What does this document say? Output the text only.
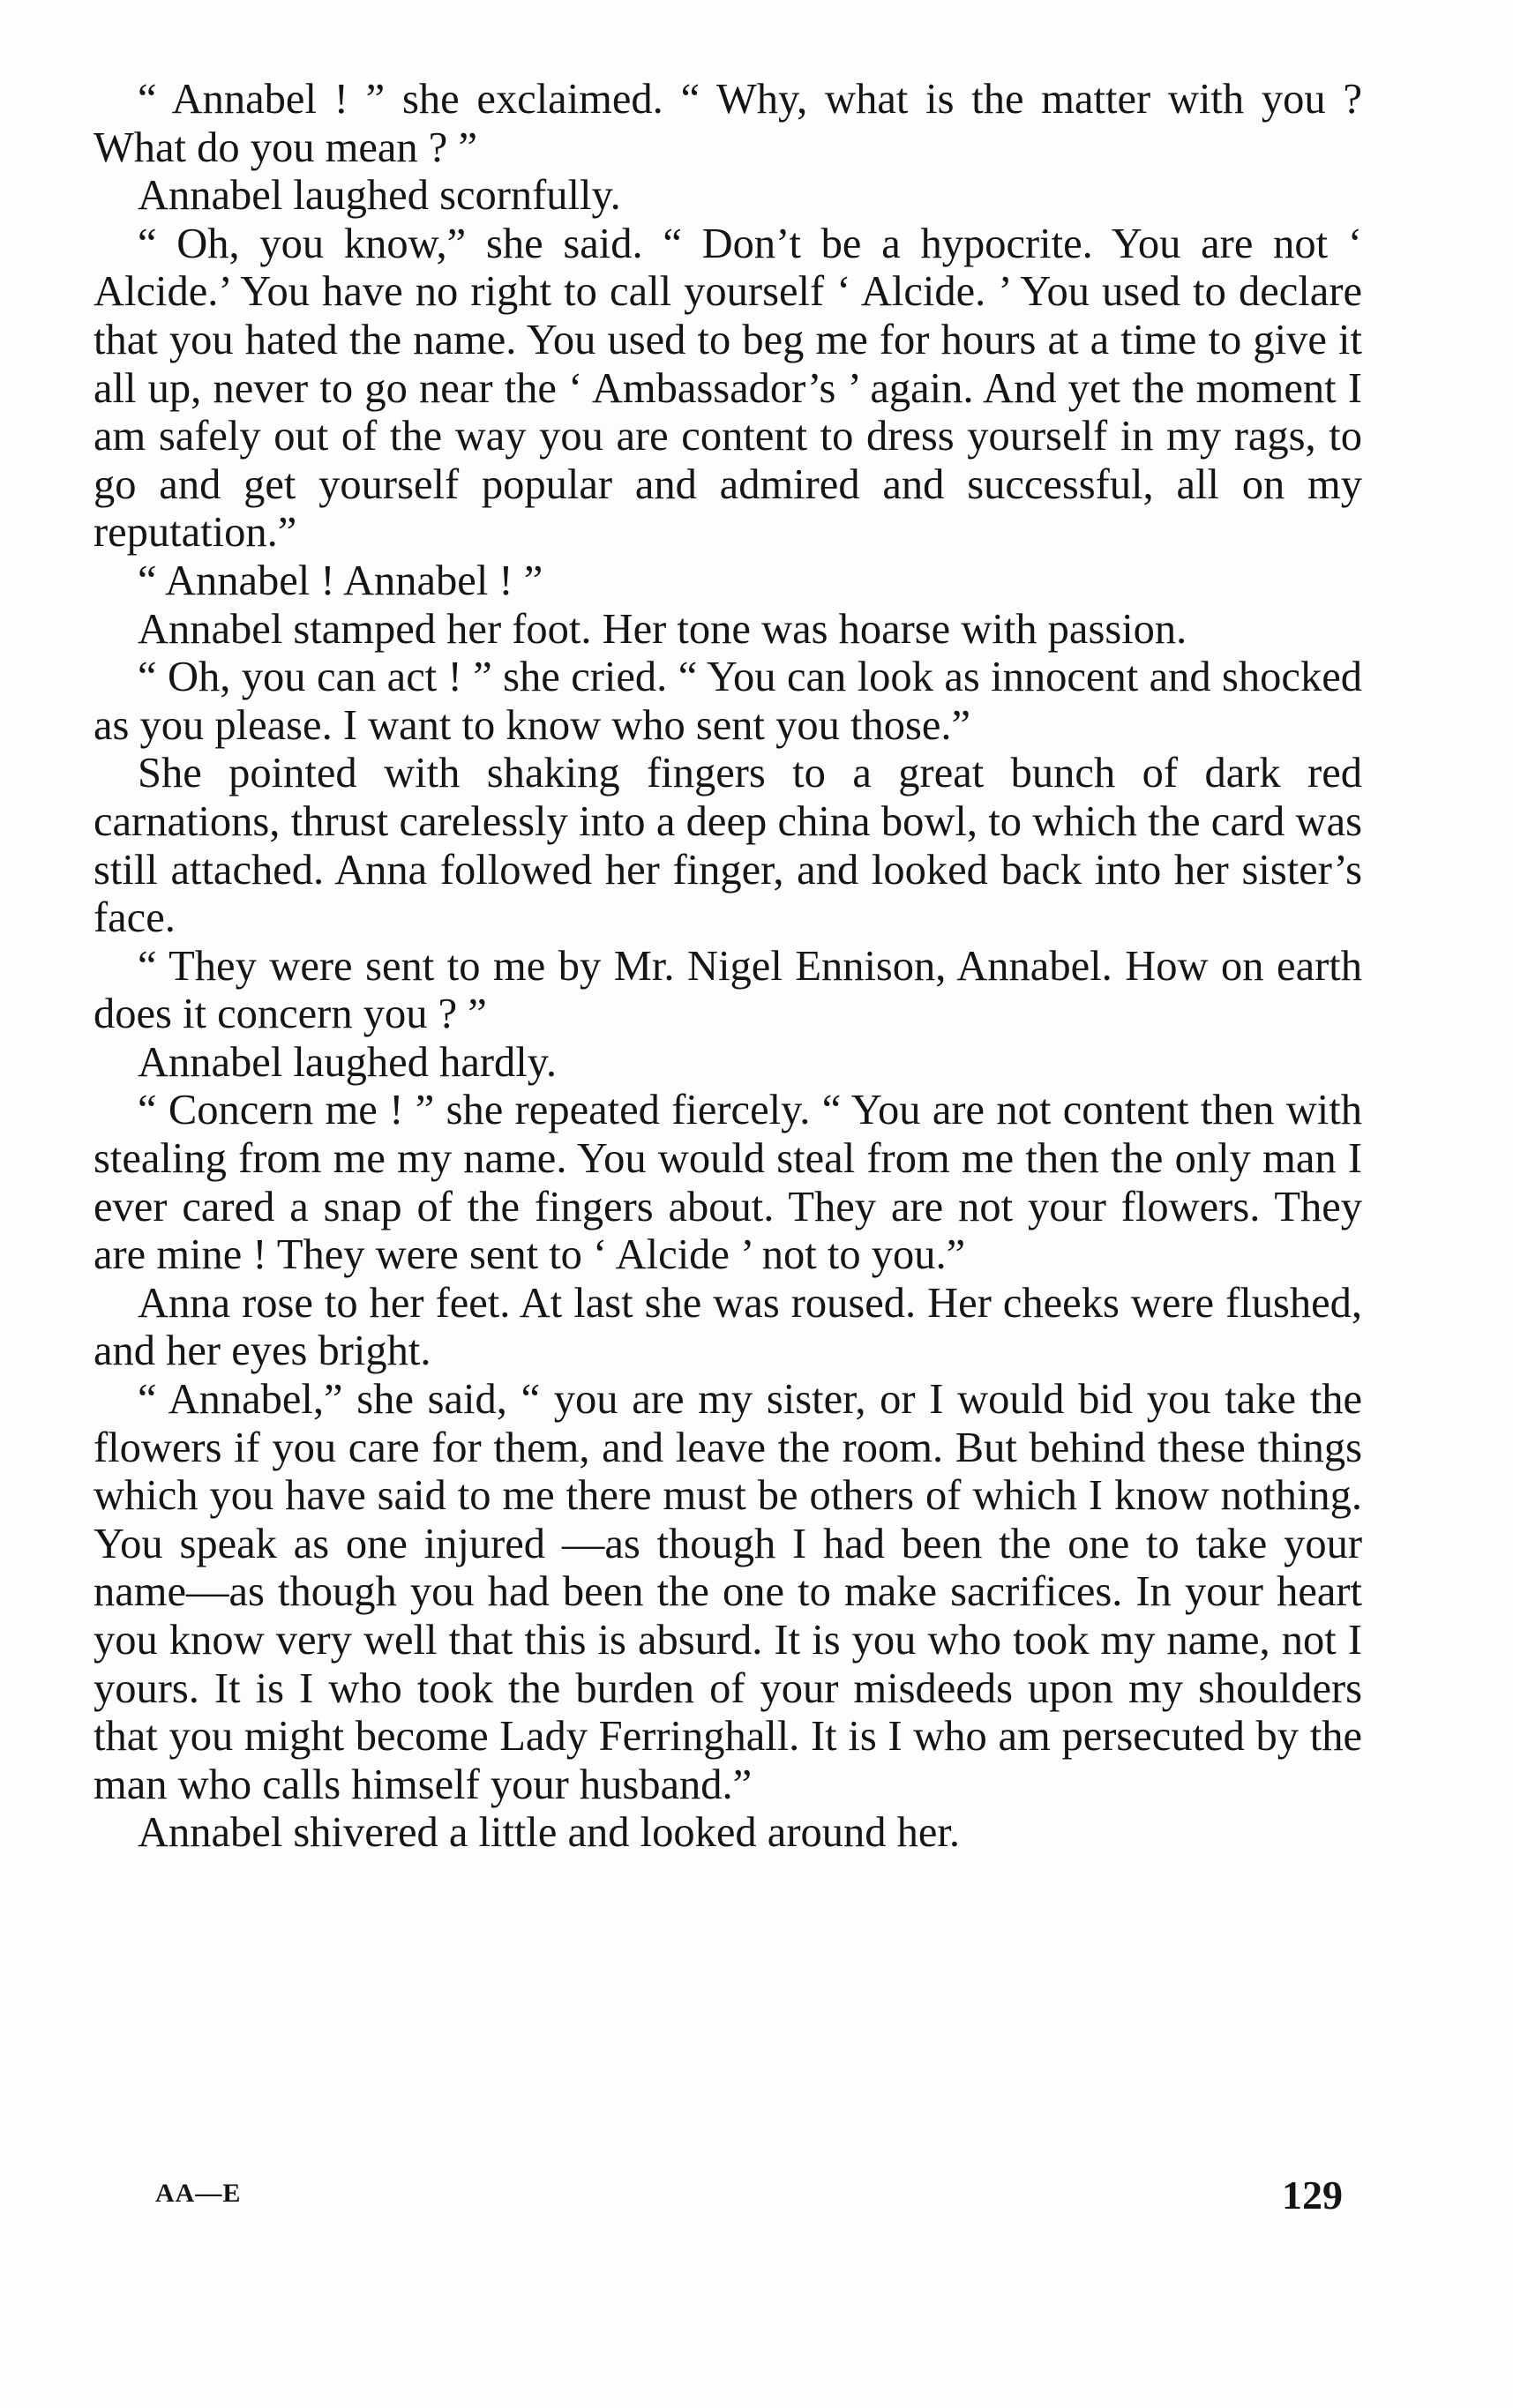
“ Annabel ! ” she exclaimed. “ Why, what is the matter with you ? What do you mean ? ”

Annabel laughed scornfully.

“ Oh, you know,” she said. “ Don’t be a hypocrite. You are not ‘ Alcide.’ You have no right to call yourself ‘ Alcide. ’ You used to declare that you hated the name. You used to beg me for hours at a time to give it all up, never to go near the ‘ Ambassador’s ’ again. And yet the moment I am safely out of the way you are content to dress yourself in my rags, to go and get yourself popular and admired and successful, all on my reputation.”

“ Annabel ! Annabel ! ”

Annabel stamped her foot. Her tone was hoarse with passion.

“ Oh, you can act ! ” she cried. “ You can look as innocent and shocked as you please. I want to know who sent you those.”

She pointed with shaking fingers to a great bunch of dark red carnations, thrust carelessly into a deep china bowl, to which the card was still attached. Anna followed her finger, and looked back into her sister’s face.

“ They were sent to me by Mr. Nigel Ennison, Annabel. How on earth does it concern you ? ”

Annabel laughed hardly.

“ Concern me ! ” she repeated fiercely. “ You are not content then with stealing from me my name. You would steal from me then the only man I ever cared a snap of the fingers about. They are not your flowers. They are mine ! They were sent to ‘ Alcide ’ not to you.”

Anna rose to her feet. At last she was roused. Her cheeks were flushed, and her eyes bright.

“ Annabel,” she said, “ you are my sister, or I would bid you take the flowers if you care for them, and leave the room. But behind these things which you have said to me there must be others of which I know nothing. You speak as one injured —as though I had been the one to take your name—as though you had been the one to make sacrifices. In your heart you know very well that this is absurd. It is you who took my name, not I yours. It is I who took the burden of your misdeeds upon my shoulders that you might become Lady Ferringhall. It is I who am persecuted by the man who calls himself your husband.”

Annabel shivered a little and looked around her.

AA—E	129
